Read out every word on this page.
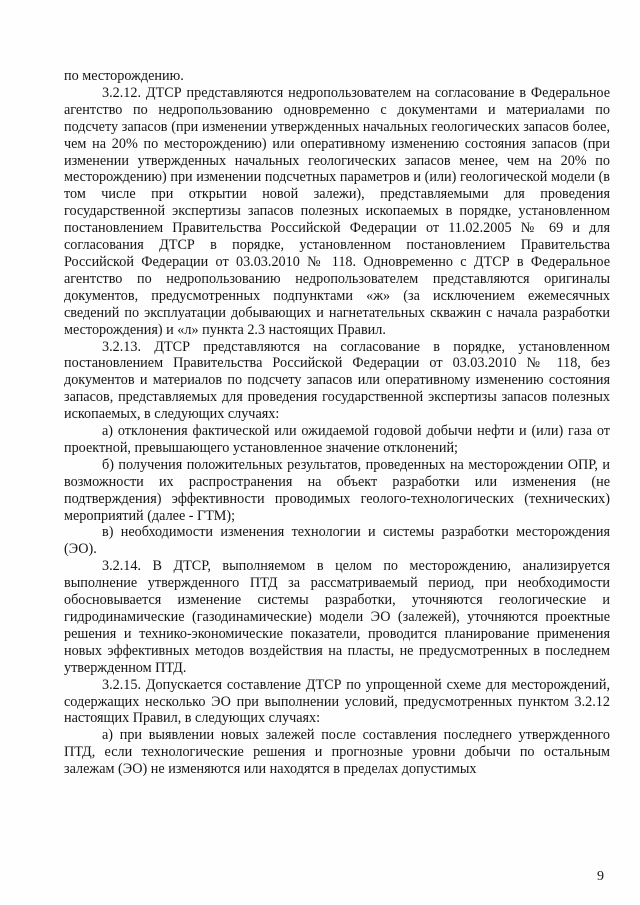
по месторождению.

3.2.12. ДТСР представляются недропользователем на согласование в Федеральное агентство по недропользованию одновременно с документами и материалами по подсчету запасов (при изменении утвержденных начальных геологических запасов более, чем на 20% по месторождению) или оперативному изменению состояния запасов (при изменении утвержденных начальных геологических запасов менее, чем на 20% по месторождению) при изменении подсчетных параметров и (или) геологической модели (в том числе при открытии новой залежи), представляемыми для проведения государственной экспертизы запасов полезных ископаемых в порядке, установленном постановлением Правительства Российской Федерации от 11.02.2005 № 69 и для согласования ДТСР в порядке, установленном постановлением Правительства Российской Федерации от 03.03.2010 № 118. Одновременно с ДТСР в Федеральное агентство по недропользованию недропользователем представляются оригиналы документов, предусмотренных подпунктами «ж» (за исключением ежемесячных сведений по эксплуатации добывающих и нагнетательных скважин с начала разработки месторождения) и «л» пункта 2.3 настоящих Правил.

3.2.13. ДТСР представляются на согласование в порядке, установленном постановлением Правительства Российской Федерации от 03.03.2010 № 118, без документов и материалов по подсчету запасов или оперативному изменению состояния запасов, представляемых для проведения государственной экспертизы запасов полезных ископаемых, в следующих случаях:

а) отклонения фактической или ожидаемой годовой добычи нефти и (или) газа от проектной, превышающего установленное значение отклонений;

б) получения положительных результатов, проведенных на месторождении ОПР, и возможности их распространения на объект разработки или изменения (не подтверждения) эффективности проводимых геолого-технологических (технических) мероприятий (далее - ГТМ);

в) необходимости изменения технологии и системы разработки месторождения (ЭО).

3.2.14. В ДТСР, выполняемом в целом по месторождению, анализируется выполнение утвержденного ПТД за рассматриваемый период, при необходимости обосновывается изменение системы разработки, уточняются геологические и гидродинамические (газодинамические) модели ЭО (залежей), уточняются проектные решения и технико-экономические показатели, проводится планирование применения новых эффективных методов воздействия на пласты, не предусмотренных в последнем утвержденном ПТД.

3.2.15. Допускается составление ДТСР по упрощенной схеме для месторождений, содержащих несколько ЭО при выполнении условий, предусмотренных пунктом 3.2.12 настоящих Правил, в следующих случаях:

а) при выявлении новых залежей после составления последнего утвержденного ПТД, если технологические решения и прогнозные уровни добычи по остальным залежам (ЭО) не изменяются или находятся в пределах допустимых

9
